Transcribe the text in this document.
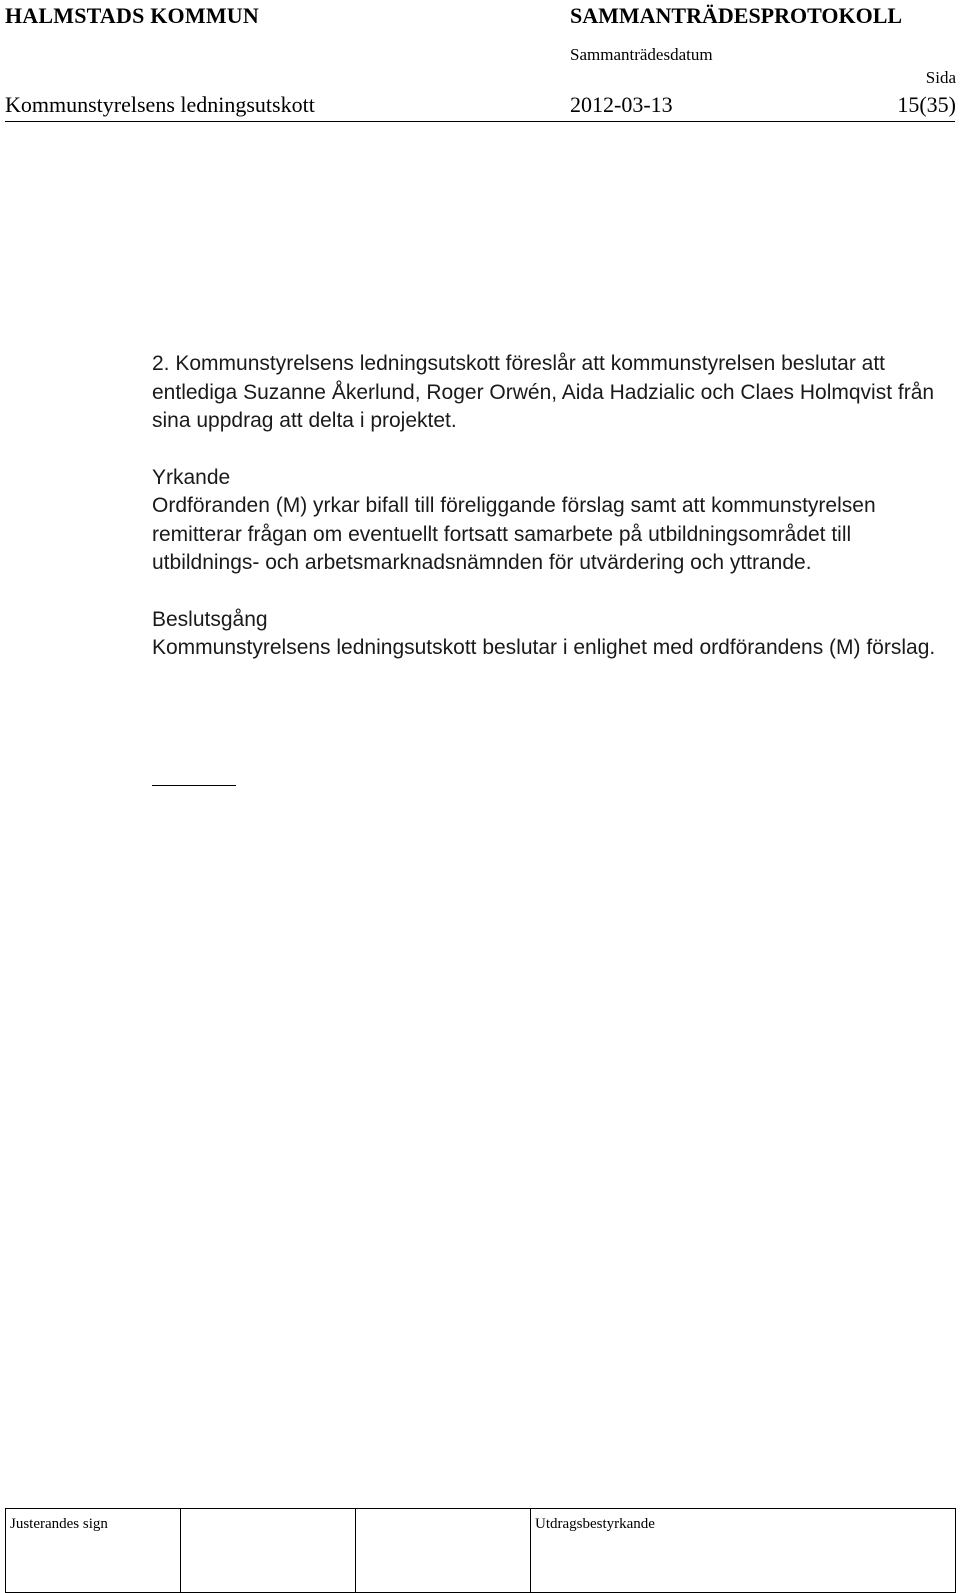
HALMSTADS KOMMUN	SAMMANTRÄDESPROTOKOLL
Sammanträdesdatum
Sida
Kommunstyrelsens ledningsutskott	2012-03-13	15(35)

2. Kommunstyrelsens ledningsutskott föreslår att kommunstyrelsen beslutar att entlediga Suzanne Åkerlund, Roger Orwén, Aida Hadzialic och Claes Holmqvist från sina uppdrag att delta i projektet.

Yrkande

Ordföranden (M) yrkar bifall till föreliggande förslag samt att kommunstyrelsen remitterar frågan om eventuellt fortsatt samarbete på utbildningsområdet till utbildnings- och arbetsmarknadsnämnden för utvärdering och yttrande.

Beslutsgång

Kommunstyrelsens ledningsutskott beslutar i enlighet med ordförandens (M) förslag.

Justerandes sign			Utdragsbestyrkande
